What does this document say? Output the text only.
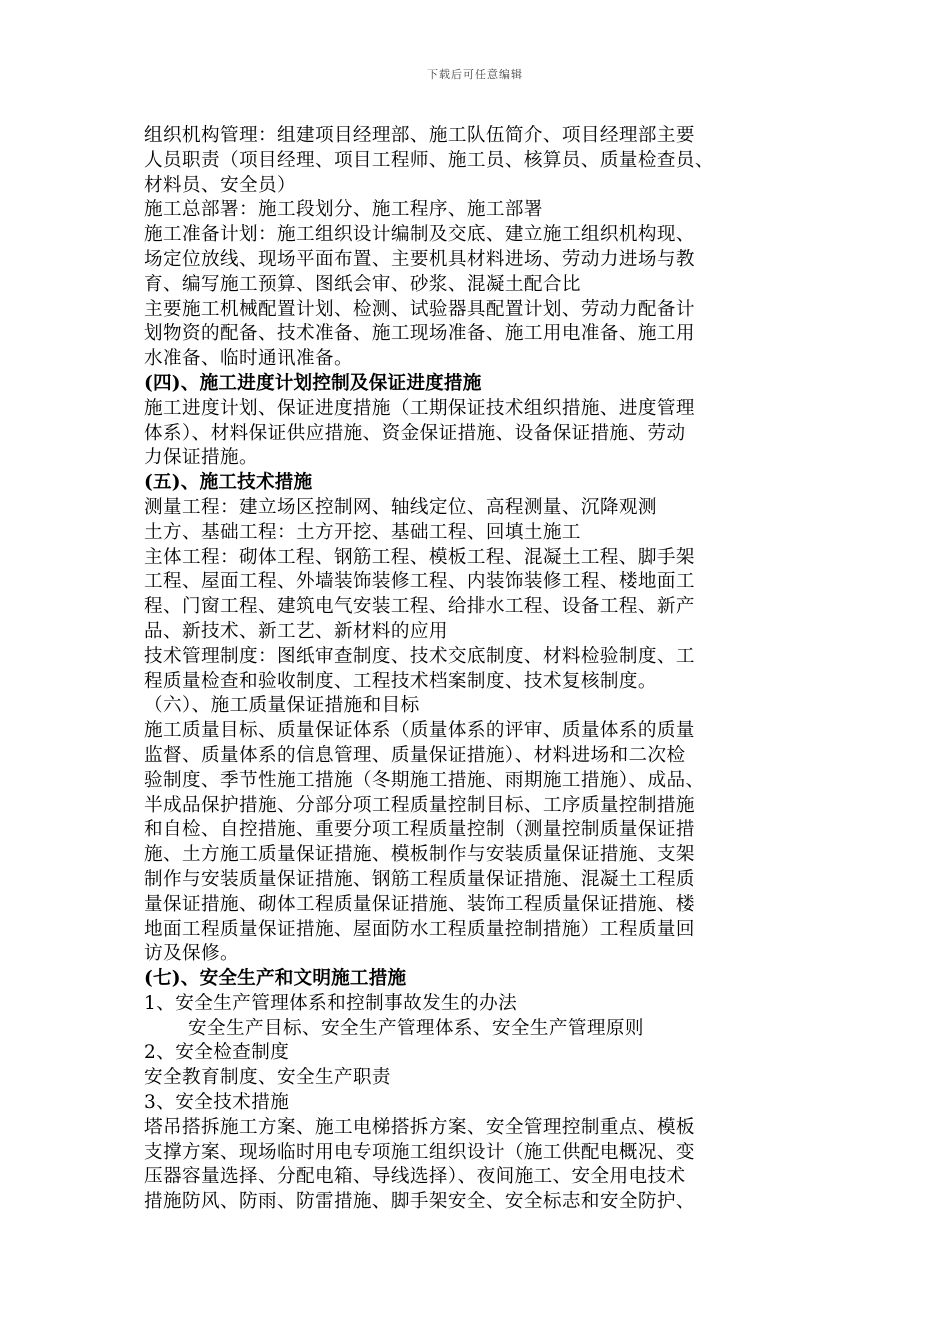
下载后可任意编辑
组织机构管理：组建项目经理部、施工队伍简介、项目经理部主要
人员职责（项目经理、项目工程师、施工员、核算员、质量检查员、
材料员、安全员）
施工总部署：施工段划分、施工程序、施工部署
施工准备计划：施工组织设计编制及交底、建立施工组织机构现、
场定位放线、现场平面布置、主要机具材料进场、劳动力进场与教
育、编写施工预算、图纸会审、砂浆、混凝土配合比
主要施工机械配置计划、检测、试验器具配置计划、劳动力配备计
划物资的配备、技术准备、施工现场准备、施工用电准备、施工用
水准备、临时通讯准备。
(四)、施工进度计划控制及保证进度措施
施工进度计划、保证进度措施（工期保证技术组织措施、进度管理
体系）、材料保证供应措施、资金保证措施、设备保证措施、劳动
力保证措施。
(五)、施工技术措施
测量工程：建立场区控制网、轴线定位、高程测量、沉降观测
土方、基础工程：土方开挖、基础工程、回填土施工
主体工程：砌体工程、钢筋工程、模板工程、混凝土工程、脚手架
工程、屋面工程、外墙装饰装修工程、内装饰装修工程、楼地面工
程、门窗工程、建筑电气安装工程、给排水工程、设备工程、新产
品、新技术、新工艺、新材料的应用
技术管理制度：图纸审查制度、技术交底制度、材料检验制度、工
程质量检查和验收制度、工程技术档案制度、技术复核制度。
（六）、施工质量保证措施和目标
施工质量目标、质量保证体系（质量体系的评审、质量体系的质量
监督、质量体系的信息管理、质量保证措施）、材料进场和二次检
验制度、季节性施工措施（冬期施工措施、雨期施工措施）、成品、
半成品保护措施、分部分项工程质量控制目标、工序质量控制措施
和自检、自控措施、重要分项工程质量控制（测量控制质量保证措
施、土方施工质量保证措施、模板制作与安装质量保证措施、支架
制作与安装质量保证措施、钢筋工程质量保证措施、混凝土工程质
量保证措施、砌体工程质量保证措施、装饰工程质量保证措施、楼
地面工程质量保证措施、屋面防水工程质量控制措施）工程质量回
访及保修。
(七)、安全生产和文明施工措施
1、安全生产管理体系和控制事故发生的办法
安全生产目标、安全生产管理体系、安全生产管理原则
2、安全检查制度
安全教育制度、安全生产职责
3、安全技术措施
塔吊搭拆施工方案、施工电梯搭拆方案、安全管理控制重点、模板
支撑方案、现场临时用电专项施工组织设计（施工供配电概况、变
压器容量选择、分配电箱、导线选择）、夜间施工、安全用电技术
措施防风、防雨、防雷措施、脚手架安全、安全标志和安全防护、
